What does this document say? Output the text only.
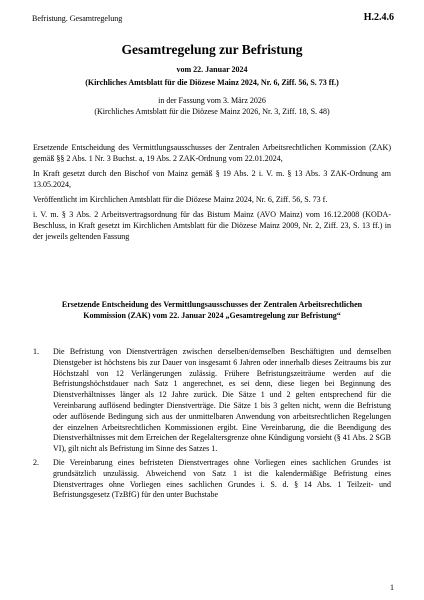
Befristung. Gesamtregelung	H.2.4.6
Gesamtregelung zur Befristung
vom 22. Januar 2024
(Kirchliches Amtsblatt für die Diözese Mainz 2024, Nr. 6, Ziff. 56, S. 73 ff.)
in der Fassung vom 3. März 2026
(Kirchliches Amtsblatt für die Diözese Mainz 2026, Nr. 3, Ziff. 18, S. 48)

Ersetzende Entscheidung des Vermittlungsausschusses der Zentralen Arbeitsrechtlichen Kommission (ZAK) gemäß §§ 2 Abs. 1 Nr. 3 Buchst. a, 19 Abs. 2 ZAK-Ordnung vom 22.01.2024,

In Kraft gesetzt durch den Bischof von Mainz gemäß § 19 Abs. 2 i. V. m. § 13 Abs. 3 ZAK-Ordnung am 13.05.2024,

Veröffentlicht im Kirchlichen Amtsblatt für die Diözese Mainz 2024, Nr. 6, Ziff. 56, S. 73 f.

i. V. m. § 3 Abs. 2 Arbeitsvertragsordnung für das Bistum Mainz (AVO Mainz) vom 16.12.2008 (KODA-Beschluss, in Kraft gesetzt im Kirchlichen Amtsblatt für die Diözese Mainz 2009, Nr. 2, Ziff. 23, S. 13 ff.) in der jeweils geltenden Fassung

Ersetzende Entscheidung des Vermittlungsausschusses der Zentralen Arbeitsrechtlichen Kommission (ZAK) vom 22. Januar 2024 „Gesamtregelung zur Befristung“
1. Die Befristung von Dienstverträgen zwischen derselben/demselben Beschäftigten und demselben Dienstgeber ist höchstens bis zur Dauer von insgesamt 6 Jahren oder innerhalb dieses Zeitraums bis zur Höchstzahl von 12 Verlängerungen zulässig. Frühere Befristungszeiträume werden auf die Befristungshöchstdauer nach Satz 1 angerechnet, es sei denn, diese liegen bei Beginnung des Dienstverhältnisses länger als 12 Jahre zurück. Die Sätze 1 und 2 gelten entsprechend für die Vereinbarung auflösend bedingter Dienstverträge. Die Sätze 1 bis 3 gelten nicht, wenn die Befristung oder auflösende Bedingung sich aus der unmittelbaren Anwendung von arbeitsrechtlichen Regelungen der einzelnen Arbeitsrechtlichen Kommissionen ergibt. Eine Vereinbarung, die die Beendigung des Dienstverhältnisses mit dem Erreichen der Regelaltersgrenze ohne Kündigung vorsieht (§ 41 Abs. 2 SGB VI), gilt nicht als Befristung im Sinne des Satzes 1.
2. Die Vereinbarung eines befristeten Dienstvertrages ohne Vorliegen eines sachlichen Grundes ist grundsätzlich unzulässig. Abweichend von Satz 1 ist die kalendermäßige Befristung eines Dienstvertrages ohne Vorliegen eines sachlichen Grundes i. S. d. § 14 Abs. 1 Teilzeit- und Befristungsgesetz (TzBfG) für den unter Buchstabe
1
